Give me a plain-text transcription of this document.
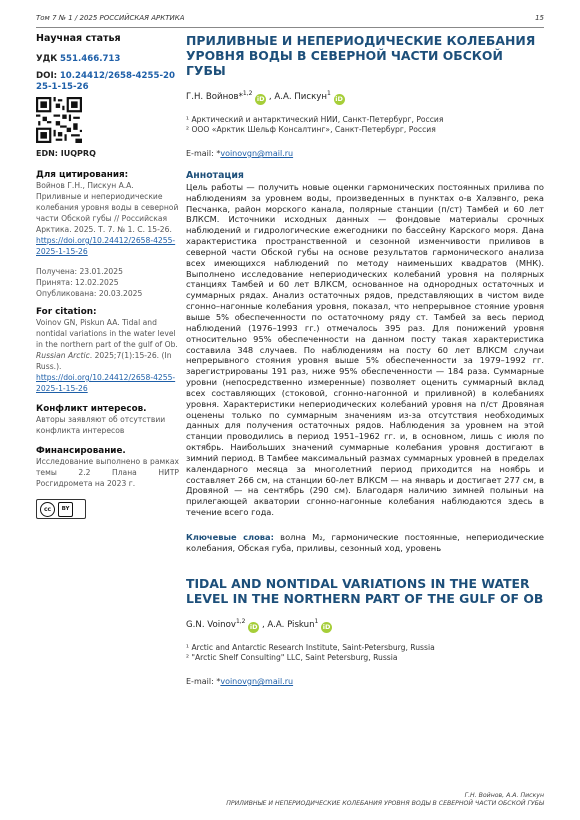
Том 7 № 1 / 2025 РОССИЙСКАЯ АРКТИКА	15
Научная статья
УДК 551.466.713
DOI: 10.24412/2658-4255-2025-1-15-26
EDN: IUQPRQ
Для цитирования:
Войнов Г.Н., Пискун А.А. Приливные и непериодические колебания уровня воды в северной части Обской губы // Российская Арктика. 2025. Т. 7. № 1. С. 15-26.
https://doi.org/10.24412/2658-4255-2025-1-15-26
Получена: 23.01.2025
Принята: 12.02.2025
Опубликована: 20.03.2025
For citation:
Voinov GN, Piskun AA. Tidal and nontidal variations in the water level in the northern part of the gulf of Ob. Russian Arctic. 2025;7(1):15-26. (In Russ.).
https://doi.org/10.24412/2658-4255-2025-1-15-26
Конфликт интересов.
Авторы заявляют об отсутствии конфликта интересов
Финансирование.
Исследование выполнено в рамках темы 2.2 Плана НИТР Росгидромета на 2023 г.
cc	BY
ПРИЛИВНЫЕ И НЕПЕРИОДИЧЕСКИЕ КОЛЕБАНИЯ УРОВНЯ ВОДЫ В СЕВЕРНОЙ ЧАСТИ ОБСКОЙ ГУБЫ
Г.Н. Войнов*$^{1,2}$ iD , А.А. Пискун$^1$ iD
¹ Арктический и антарктический НИИ, Санкт-Петербург, Россия
² ООО «Арктик Шельф Консалтинг», Санкт-Петербург, Россия
E-mail: *voinovgn@mail.ru
Аннотация
Цель работы — получить новые оценки гармонических постоянных прилива по наблюдениям за уровнем воды, произведенных в пунктах о-в Халэвнго, река Песчанка, район морского канала, полярные станции (п/ст) Тамбей и 60 лет ВЛКСМ. Источники исходных данных — фондовые материалы срочных наблюдений и гидрологические ежегодники по бассейну Карского моря. Дана характеристика пространственной и сезонной изменчивости приливов в северной части Обской губы на основе результатов гармонического анализа всех имеющихся наблюдений по методу наименьших квадратов (МНК). Выполнено исследование непериодических колебаний уровня на полярных станциях Тамбей и 60 лет ВЛКСМ, основанное на однородных остаточных и суммарных рядах. Анализ остаточных рядов, представляющих в чистом виде сгонно–нагонные колебания уровня, показал, что непрерывное стояние уровня выше 5% обеспеченности по остаточному ряду ст. Тамбей за весь период наблюдений (1976–1993 гг.) отмечалось 395 раз. Для понижений уровня относительно 95% обеспеченности на данном посту такая характеристика составила 348 случаев. По наблюдениям на посту 60 лет ВЛКСМ случаи непрерывного стояния уровня выше 5% обеспеченности за 1979–1992 гг. зарегистрированы 191 раз, ниже 95% обеспеченности — 184 раза. Суммарные уровни (непосредственно измеренные) позволяет оценить суммарный вклад всех составляющих (стоковой, сгонно-нагонной и приливной) в колебаниях уровня. Характеристики непериодических колебаний уровня на п/ст Дровяная оценены только по суммарным значениям из-за отсутствия необходимых данных для получения остаточных рядов. Наблюдения за уровнем на этой станции проводились в период 1951–1962 гг. и, в основном, лишь с июля по октябрь. Наибольших значений суммарные колебания уровня достигают в зимний период. В Тамбее максимальный размах суммарных уровней в пределах календарного месяца за многолетний период приходится на ноябрь и составляет 266 см, на станции 60-лет ВЛКСМ — на январь и достигает 277 см, в Дровяной — на сентябрь (290 см). Благодаря наличию зимней полыньи на прилегающей акватории сгонно-нагонные колебания наблюдаются здесь в течение всего года.
Ключевые слова: волна M₂, гармонические постоянные, непериодические колебания, Обская губа, приливы, сезонный ход, уровень
TIDAL AND NONTIDAL VARIATIONS IN THE WATER LEVEL IN THE NORTHERN PART OF THE GULF OF OB
G.N. Voinov$^{1,2}$ iD , A.A. Piskun$^1$ iD
¹ Arctic and Antarctic Research Institute, Saint-Petersburg, Russia
² "Arctic Shelf Consulting" LLC, Saint Petersburg, Russia
E-mail: *voinovgn@mail.ru
Г.Н. Войнов, А.А. Пискун
ПРИЛИВНЫЕ И НЕПЕРИОДИЧЕСКИЕ КОЛЕБАНИЯ УРОВНЯ ВОДЫ В СЕВЕРНОЙ ЧАСТИ ОБСКОЙ ГУБЫ
